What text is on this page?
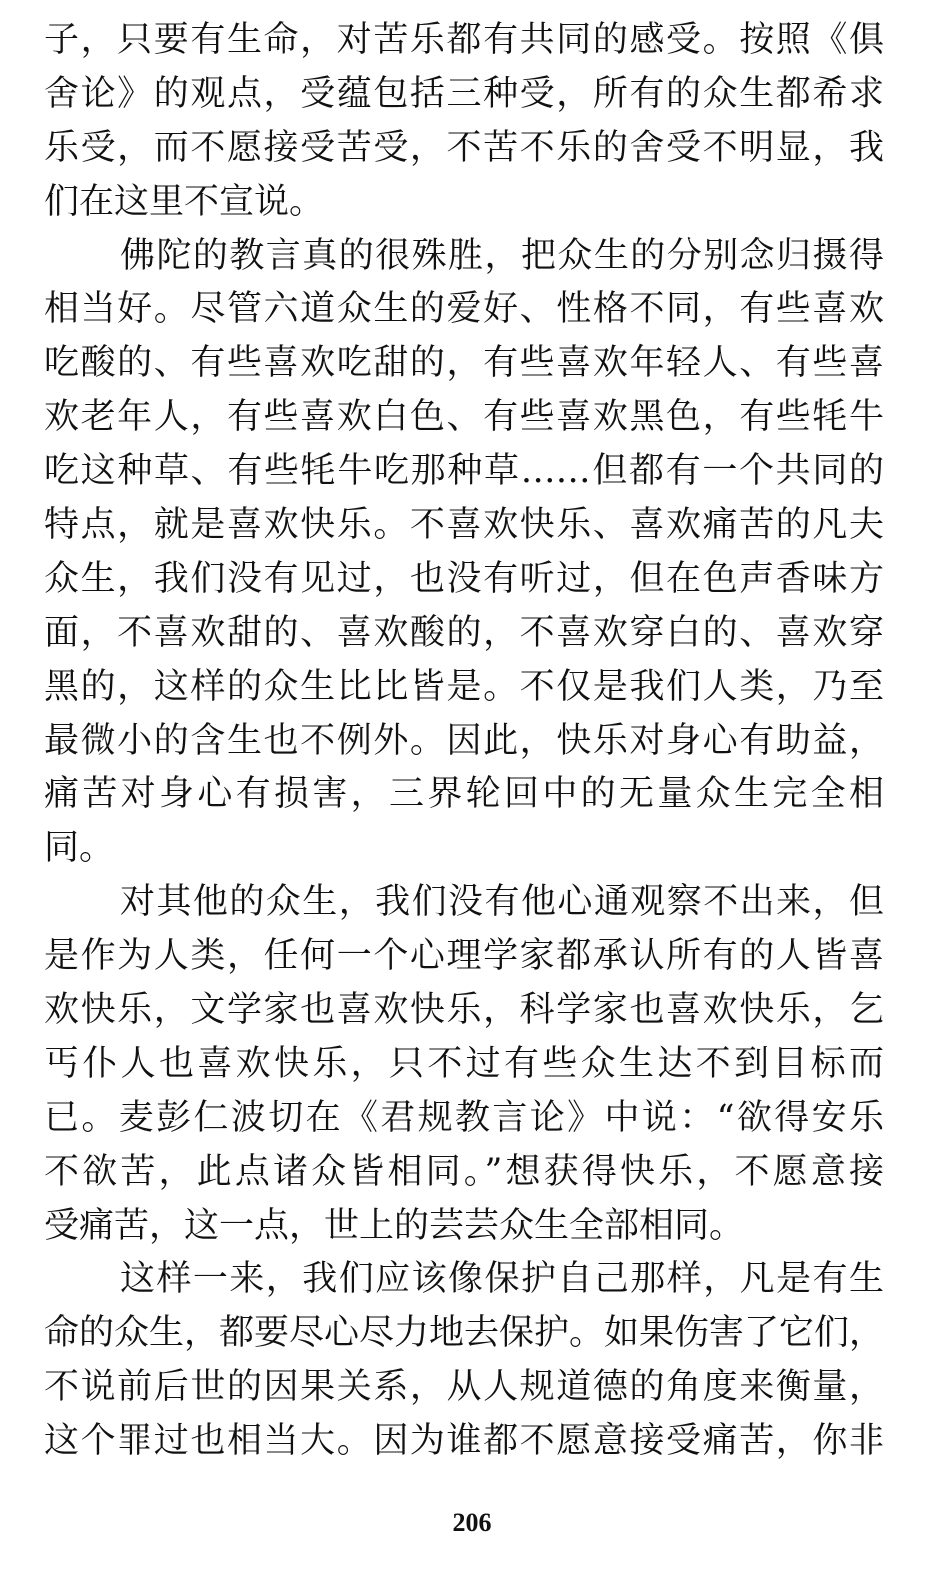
子，只要有生命，对苦乐都有共同的感受。按照《俱
舍论》的观点，受蕴包括三种受，所有的众生都希求
乐受，而不愿接受苦受，不苦不乐的舍受不明显，我
们在这里不宣说。
佛陀的教言真的很殊胜，把众生的分别念归摄得
相当好。尽管六道众生的爱好、性格不同，有些喜欢
吃酸的、有些喜欢吃甜的，有些喜欢年轻人、有些喜
欢老年人，有些喜欢白色、有些喜欢黑色，有些牦牛
吃这种草、有些牦牛吃那种草……但都有一个共同的
特点，就是喜欢快乐。不喜欢快乐、喜欢痛苦的凡夫
众生，我们没有见过，也没有听过，但在色声香味方
面，不喜欢甜的、喜欢酸的，不喜欢穿白的、喜欢穿
黑的，这样的众生比比皆是。不仅是我们人类，乃至
最微小的含生也不例外。因此，快乐对身心有助益，
痛苦对身心有损害，三界轮回中的无量众生完全相
同。
对其他的众生，我们没有他心通观察不出来，但
是作为人类，任何一个心理学家都承认所有的人皆喜
欢快乐，文学家也喜欢快乐，科学家也喜欢快乐，乞
丐仆人也喜欢快乐，只不过有些众生达不到目标而
已。麦彭仁波切在《君规教言论》中说：“欲得安乐
不欲苦，此点诸众皆相同。”想获得快乐，不愿意接
受痛苦，这一点，世上的芸芸众生全部相同。
这样一来，我们应该像保护自己那样，凡是有生
命的众生，都要尽心尽力地去保护。如果伤害了它们，
不说前后世的因果关系，从人规道德的角度来衡量，
这个罪过也相当大。因为谁都不愿意接受痛苦，你非
206
